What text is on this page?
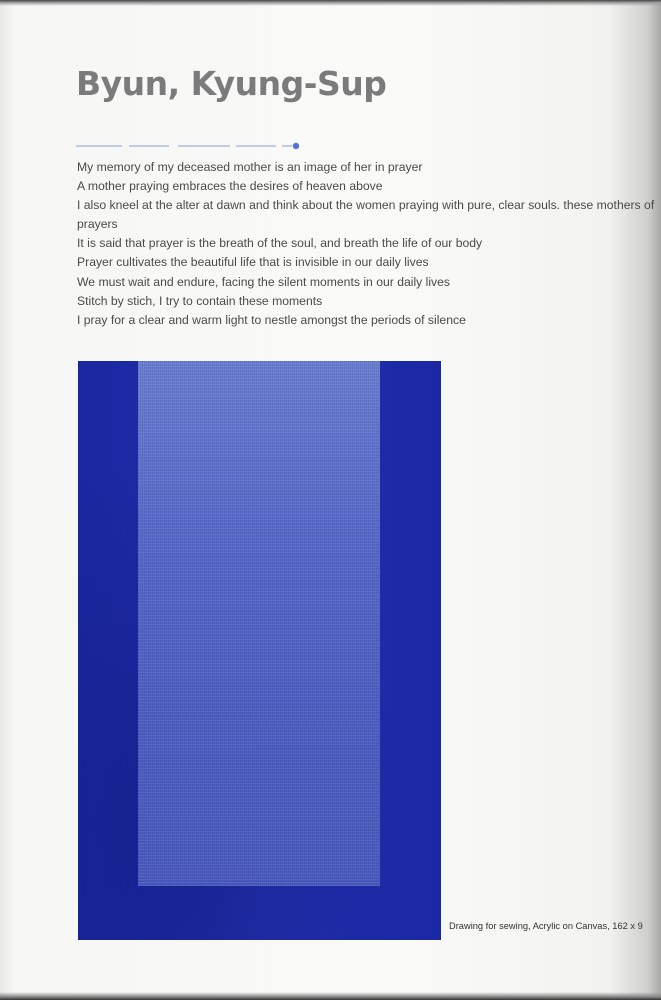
Byun, Kyung-Sup
My memory of my deceased mother is an image of her in prayer
A mother praying embraces the desires of heaven above
I also kneel at the alter at dawn and think about the women praying with pure, clear souls. these mothers of
prayers
It is said that prayer is the breath of the soul, and breath the life of our body
Prayer cultivates the beautiful life that is invisible in our daily lives
We must wait and endure, facing the silent moments in our daily lives
Stitch by stich, I try to contain these moments
I pray for a clear and warm light to nestle amongst the periods of silence
Drawing for sewing, Acrylic on Canvas, 162 x 9
